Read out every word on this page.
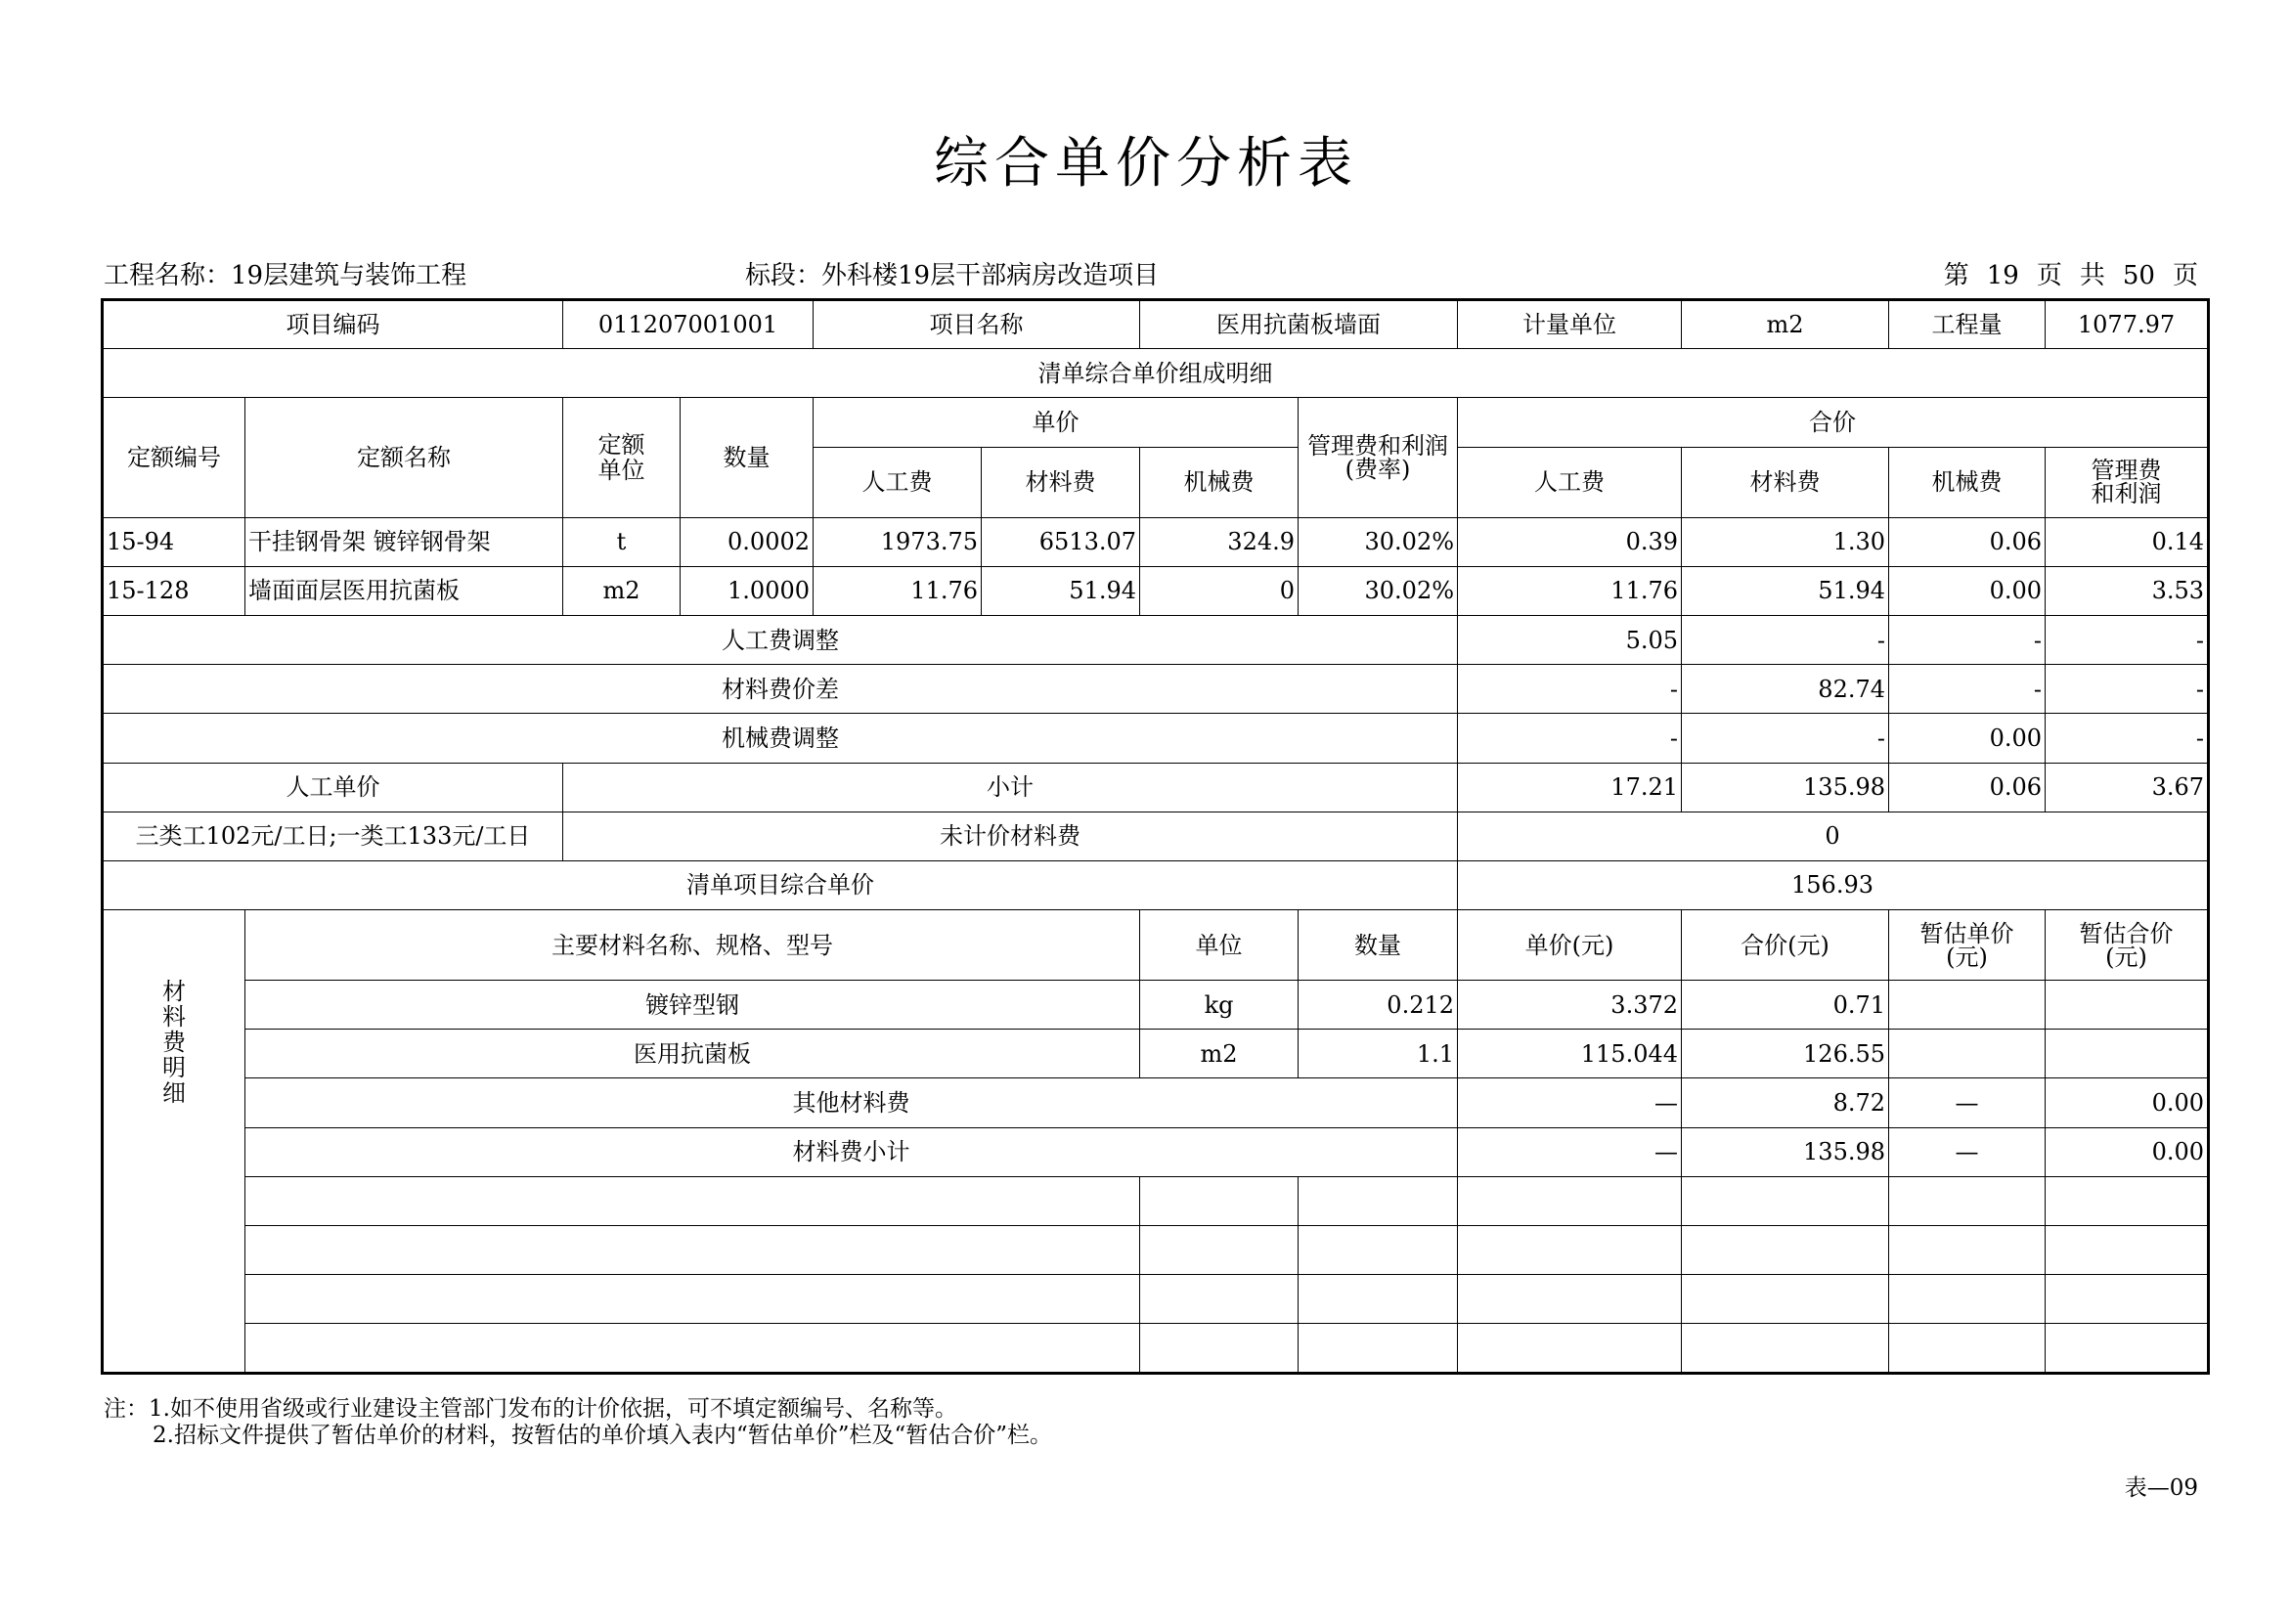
综合单价分析表
工程名称：19层建筑与装饰工程	标段：外科楼19层干部病房改造项目	第 19 页 共 50 页
项目编码		011207001001		项目名称		医用抗菌板墙面		计量单位	m2	工程量	1077.97
清单综合单价组成明细											
定额编号	定额名称	定额单位	数量	单价			管理费和利润(费率)	合价			
				人工费	材料费	机械费		人工费	材料费	机械费	管理费和利润
15-94	干挂钢骨架 镀锌钢骨架	t	0.0002	1973.75	6513.07	324.9	30.02%	0.39	1.30	0.06	0.14
15-128	墙面面层医用抗菌板	m2	1.0000	11.76	51.94	0	30.02%	11.76	51.94	0.00	3.53
人工费调整								5.05	-	-	-
材料费价差								-	82.74	-	-
机械费调整								-	-	0.00	-
人工单价		小计						17.21	135.98	0.06	3.67
三类工102元/工日;一类工133元/工日		未计价材料费						0			
清单项目综合单价								156.93			
材料费明细	主要材料名称、规格、型号					单位	数量	单价(元)	合价(元)	暂估单价(元)	暂估合价(元)
	镀锌型钢					kg	0.212	3.372	0.71		
	医用抗菌板					m2	1.1	115.044	126.55		
	其他材料费							—	8.72	—	0.00
	材料费小计							—	135.98	—	0.00

注：1.如不使用省级或行业建设主管部门发布的计价依据，可不填定额编号、名称等。
2.招标文件提供了暂估单价的材料，按暂估的单价填入表内“暂估单价”栏及“暂估合价”栏。
表—09
